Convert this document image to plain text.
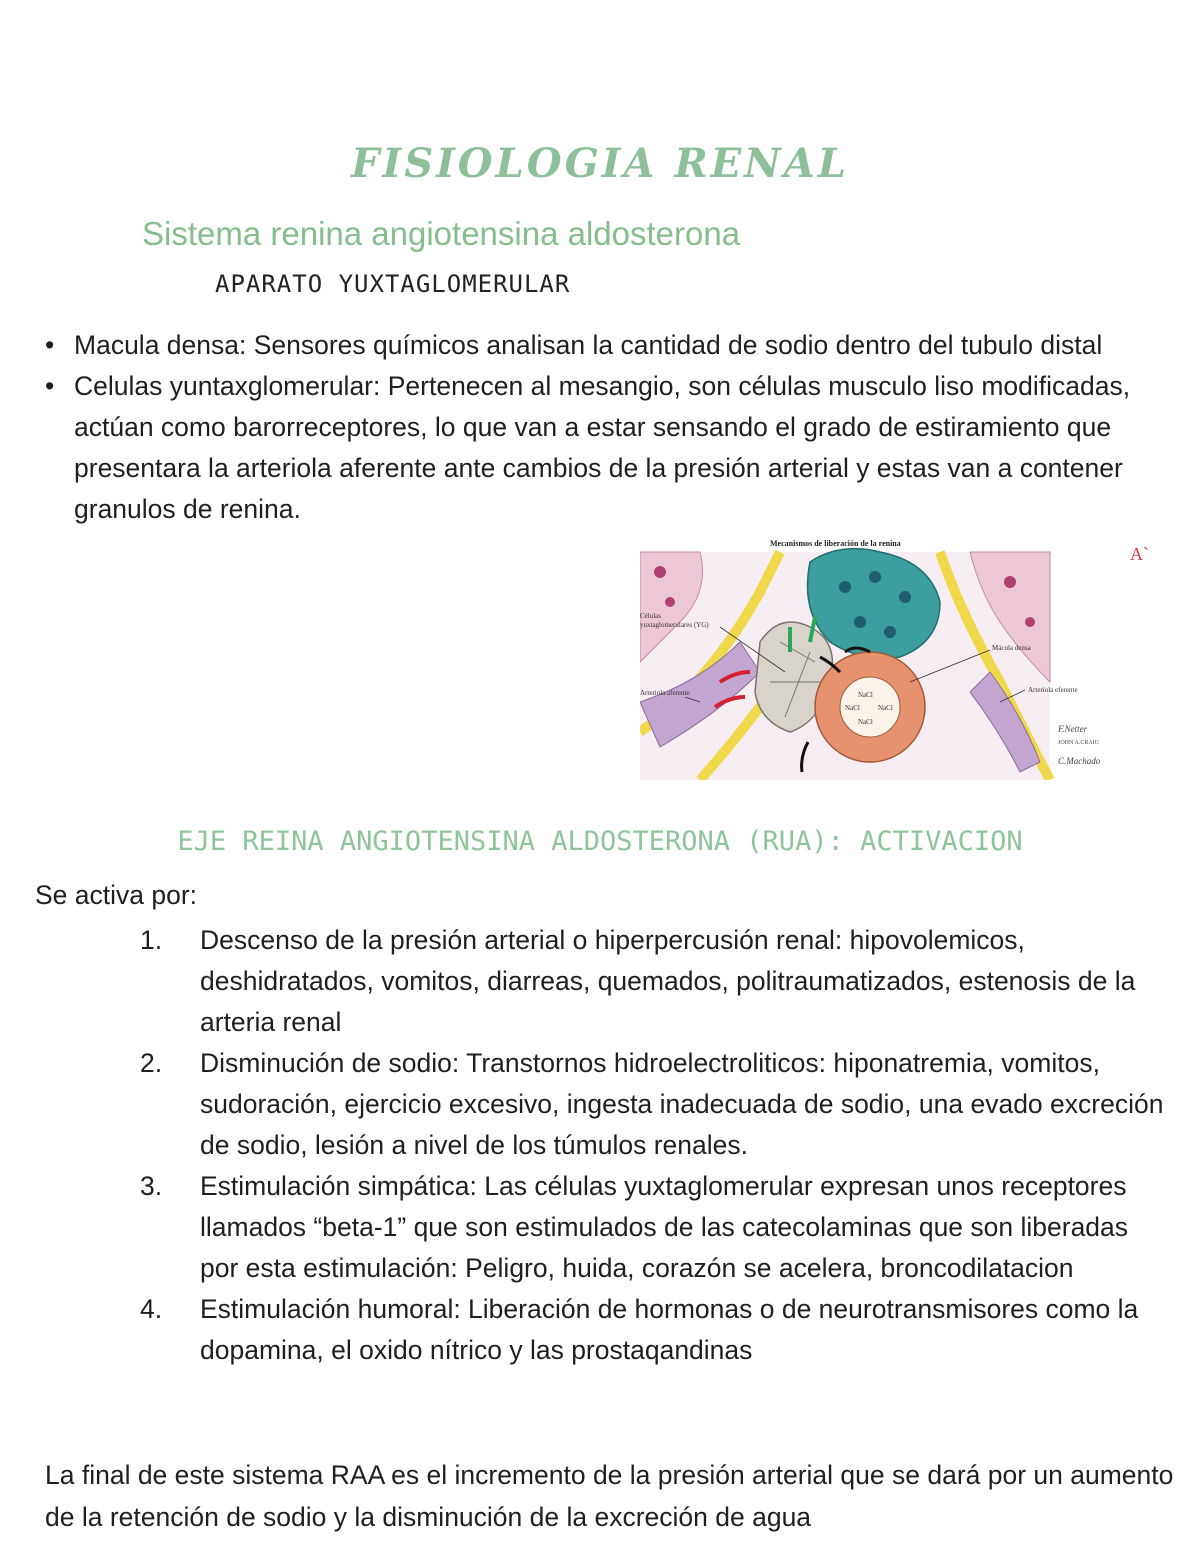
FISIOLOGIA RENAL
Sistema renina angiotensina aldosterona
APARATO YUXTAGLOMERULAR
• Macula densa: Sensores químicos analisan la cantidad de sodio dentro del tubulo distal
• Celulas yuntaxglomerular: Pertenecen al mesangio, son células musculo liso modificadas, actúan como barorreceptores, lo que van a estar sensando el grado de estiramiento que presentara la arteriola aferente ante cambios de la presión arterial y estas van a contener granulos de renina.
NaCl
NaCl	NaCl
NaCl
Mecanismos de liberación de la renina
Células
yuxtaglomerulares (YG)
Arteriola aferente
Mácula densa
Arteriola eferente
A`
F.Netter
JOHN A.CRAIG
C.Machado
EJE REINA ANGIOTENSINA ALDOSTERONA (RUA): ACTIVACION
Se activa por:
1.	Descenso de la presión arterial o hiperpercusión renal: hipovolemicos, deshidratados, vomitos, diarreas, quemados, politraumatizados, estenosis de la arteria renal
2.	Disminución de sodio: Transtornos hidroelectroliticos: hiponatremia, vomitos, sudoración, ejercicio excesivo, ingesta inadecuada de sodio, una evado excreción de sodio, lesión a nivel de los túmulos renales.
3.	Estimulación simpática: Las células yuxtaglomerular expresan unos receptores llamados “beta-1” que son estimulados de las catecolaminas que son liberadas por esta estimulación: Peligro, huida, corazón se acelera, broncodilatacion
4.	Estimulación humoral: Liberación de hormonas o de neurotransmisores como la dopamina, el oxido nítrico y las prostaqandinas
La final de este sistema RAA es el incremento de la presión arterial que se dará por un aumento de la retención de sodio y la disminución de la excreción de agua
